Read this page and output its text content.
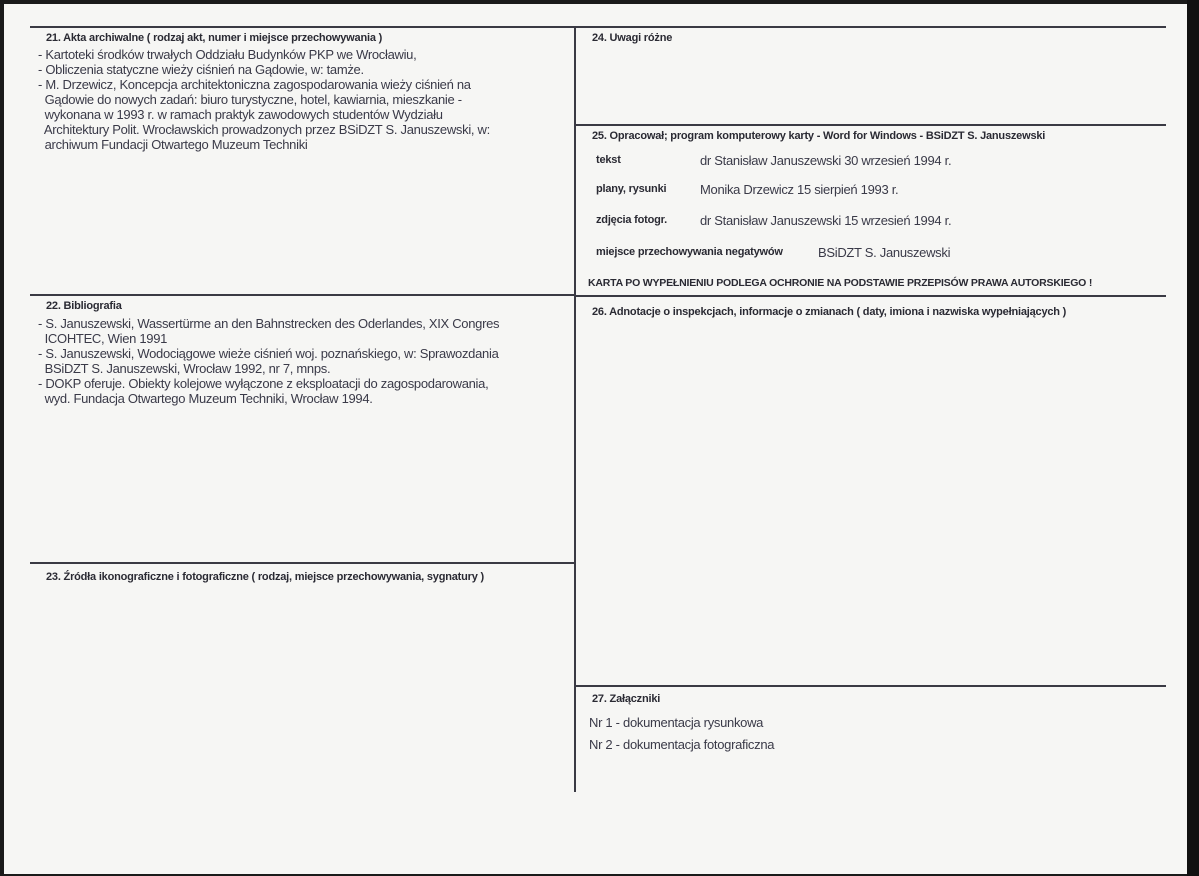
21. Akta archiwalne ( rodzaj akt, numer i miejsce przechowywania )
- Kartoteki środków trwałych Oddziału Budynków PKP we Wrocławiu,
- Obliczenia statyczne wieży ciśnień na Gądowie, w: tamże.
- M. Drzewicz, Koncepcja architektoniczna zagospodarowania wieży ciśnień na
Gądowie do nowych zadań: biuro turystyczne, hotel, kawiarnia, mieszkanie -
wykonana w 1993 r. w ramach praktyk zawodowych studentów Wydziału
Architektury Polit. Wrocławskich prowadzonych przez BSiDZT S. Januszewski, w:
archiwum Fundacji Otwartego Muzeum Techniki
22. Bibliografia
- S. Januszewski, Wassertürme an den Bahnstrecken des Oderlandes, XIX Congres
ICOHTEC, Wien 1991
- S. Januszewski, Wodociągowe wieże ciśnień woj. poznańskiego, w: Sprawozdania
BSiDZT S. Januszewski, Wrocław 1992, nr 7, mnps.
- DOKP oferuje. Obiekty kolejowe wyłączone z eksploatacji do zagospodarowania,
wyd. Fundacja Otwartego Muzeum Techniki, Wrocław 1994.
23. Źródła ikonograficzne i fotograficzne ( rodzaj, miejsce przechowywania, sygnatury )
24. Uwagi różne
25. Opracował; program komputerowy karty - Word for Windows - BSiDZT S. Januszewski
tekst	dr Stanisław Januszewski 30 wrzesień 1994 r.
plany, rysunki	Monika Drzewicz 15 sierpień 1993 r.
zdjęcia fotogr.	dr Stanisław Januszewski 15 wrzesień 1994 r.
miejsce przechowywania negatywów	BSiDZT S. Januszewski
KARTA PO WYPEŁNIENIU PODLEGA OCHRONIE NA PODSTAWIE PRZEPISÓW PRAWA AUTORSKIEGO !
26. Adnotacje o inspekcjach, informacje o zmianach ( daty, imiona i nazwiska wypełniających )
27. Załączniki
Nr 1 - dokumentacja rysunkowa
Nr 2 - dokumentacja fotograficzna
